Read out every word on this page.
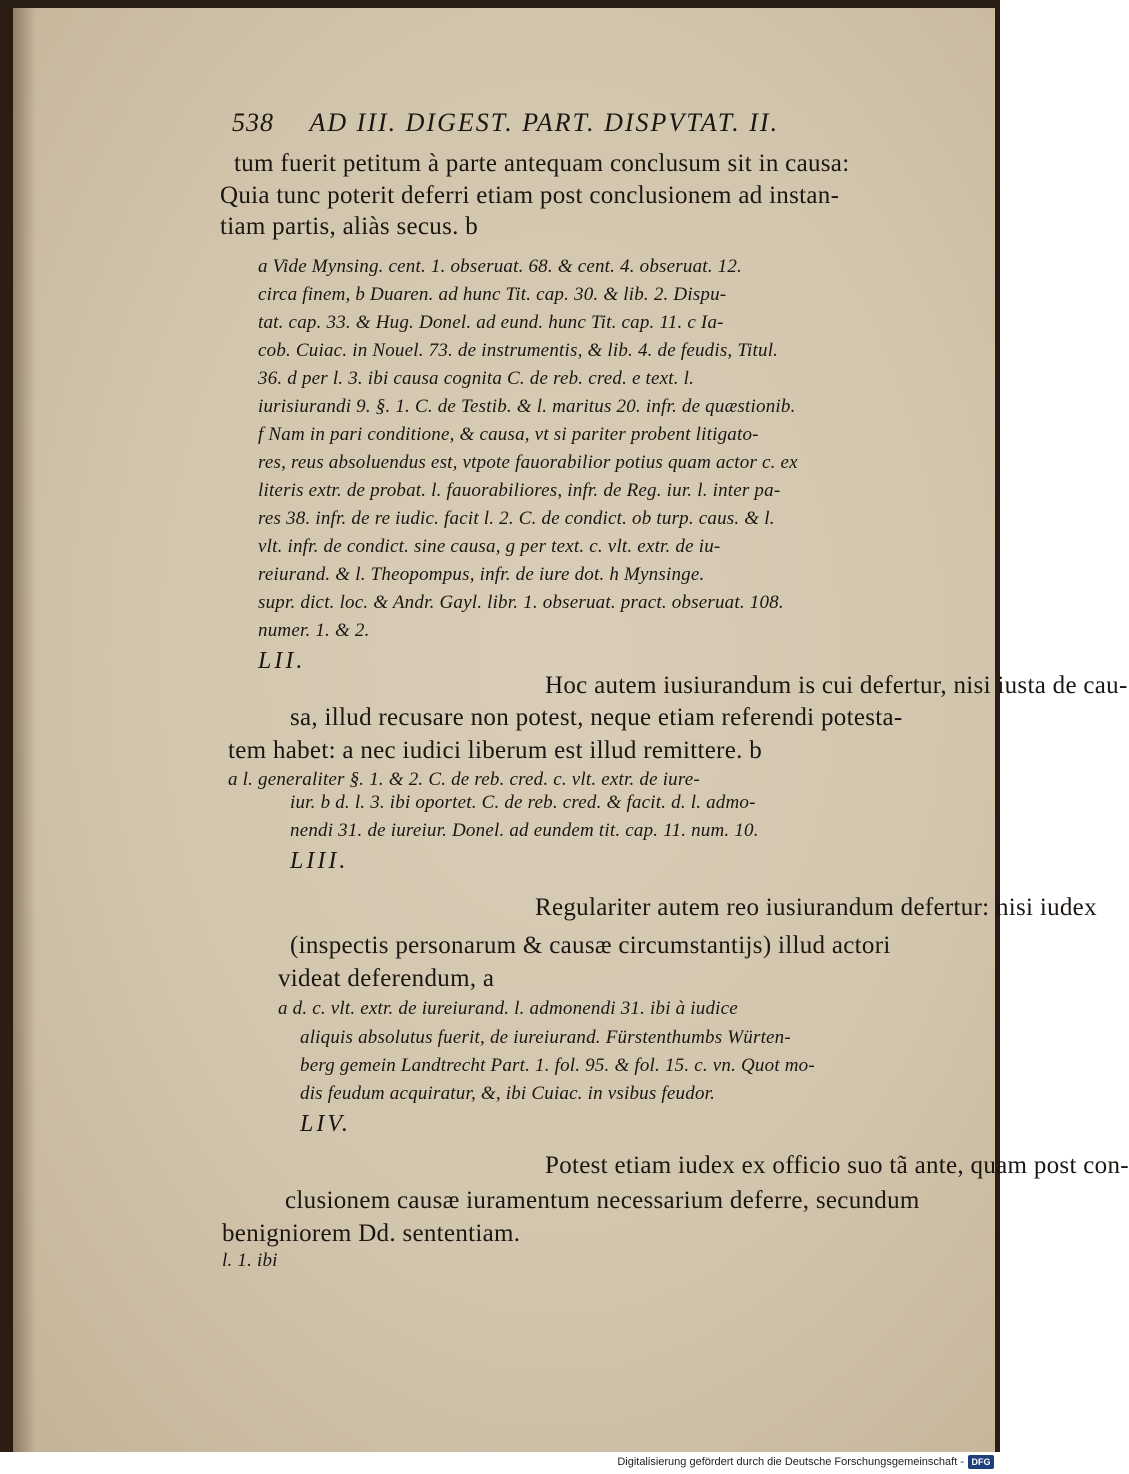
538 AD III. DIGEST. PART. DISPVTAT. II.
tum fuerit petitum à parte antequam conclusum sit in causa:
Quia tunc poterit deferri etiam post conclusionem ad instan-
tiam partis, aliàs secus. b
a Vide Mynsing. cent. 1. obseruat. 68. & cent. 4. obseruat. 12.
circa finem, b Duaren. ad hunc Tit. cap. 30. & lib. 2. Dispu-
tat. cap. 33. & Hug. Donel. ad eund. hunc Tit. cap. 11. c Ia-
cob. Cuiac. in Nouel. 73. de instrumentis, & lib. 4. de feudis, Titul.
36. d per l. 3. ibi causa cognita C. de reb. cred. e text. l.
iurisiurandi 9. §. 1. C. de Testib. & l. maritus 20. infr. de quæstionib.
f Nam in pari conditione, & causa, vt si pariter probent litigato-
res, reus absoluendus est, vtpote fauorabilior potius quam actor c. ex
literis extr. de probat. l. fauorabiliores, infr. de Reg. iur. l. inter pa-
res 38. infr. de re iudic. facit l. 2. C. de condict. ob turp. caus. & l.
vlt. infr. de condict. sine causa, g per text. c. vlt. extr. de iu-
reiurand. & l. Theopompus, infr. de iure dot. h Mynsinge.
supr. dict. loc. & Andr. Gayl. libr. 1. obseruat. pract. obseruat. 108.
numer. 1. & 2.
LII.
Hoc autem iusiurandum is cui defertur, nisi iusta de cau-
sa, illud recusare non potest, neque etiam referendi potesta-
tem habet: a nec iudici liberum est illud remittere. b
a l. generaliter §. 1. & 2. C. de reb. cred. c. vlt. extr. de iure-
iur. b d. l. 3. ibi oportet. C. de reb. cred. & facit. d. l. admo-
nendi 31. de iureiur. Donel. ad eundem tit. cap. 11. num. 10.
LIII.
Regulariter autem reo iusiurandum defertur: nisi iudex
(inspectis personarum & causæ circumstantijs) illud actori
videat deferendum, a
a d. c. vlt. extr. de iureiurand. l. admonendi 31. ibi à iudice
aliquis absolutus fuerit, de iureiurand. Fürstenthumbs Würten-
berg gemein Landtrecht Part. 1. fol. 95. & fol. 15. c. vn. Quot mo-
dis feudum acquiratur, &, ibi Cuiac. in vsibus feudor.
LIV.
Potest etiam iudex ex officio suo tã ante, quam post con-
clusionem causæ iuramentum necessarium deferre, secundum
benigniorem Dd. sententiam.
l. 1. ibi
Digitalisierung gefördert durch die Deutsche Forschungsgemeinschaft - DFG
